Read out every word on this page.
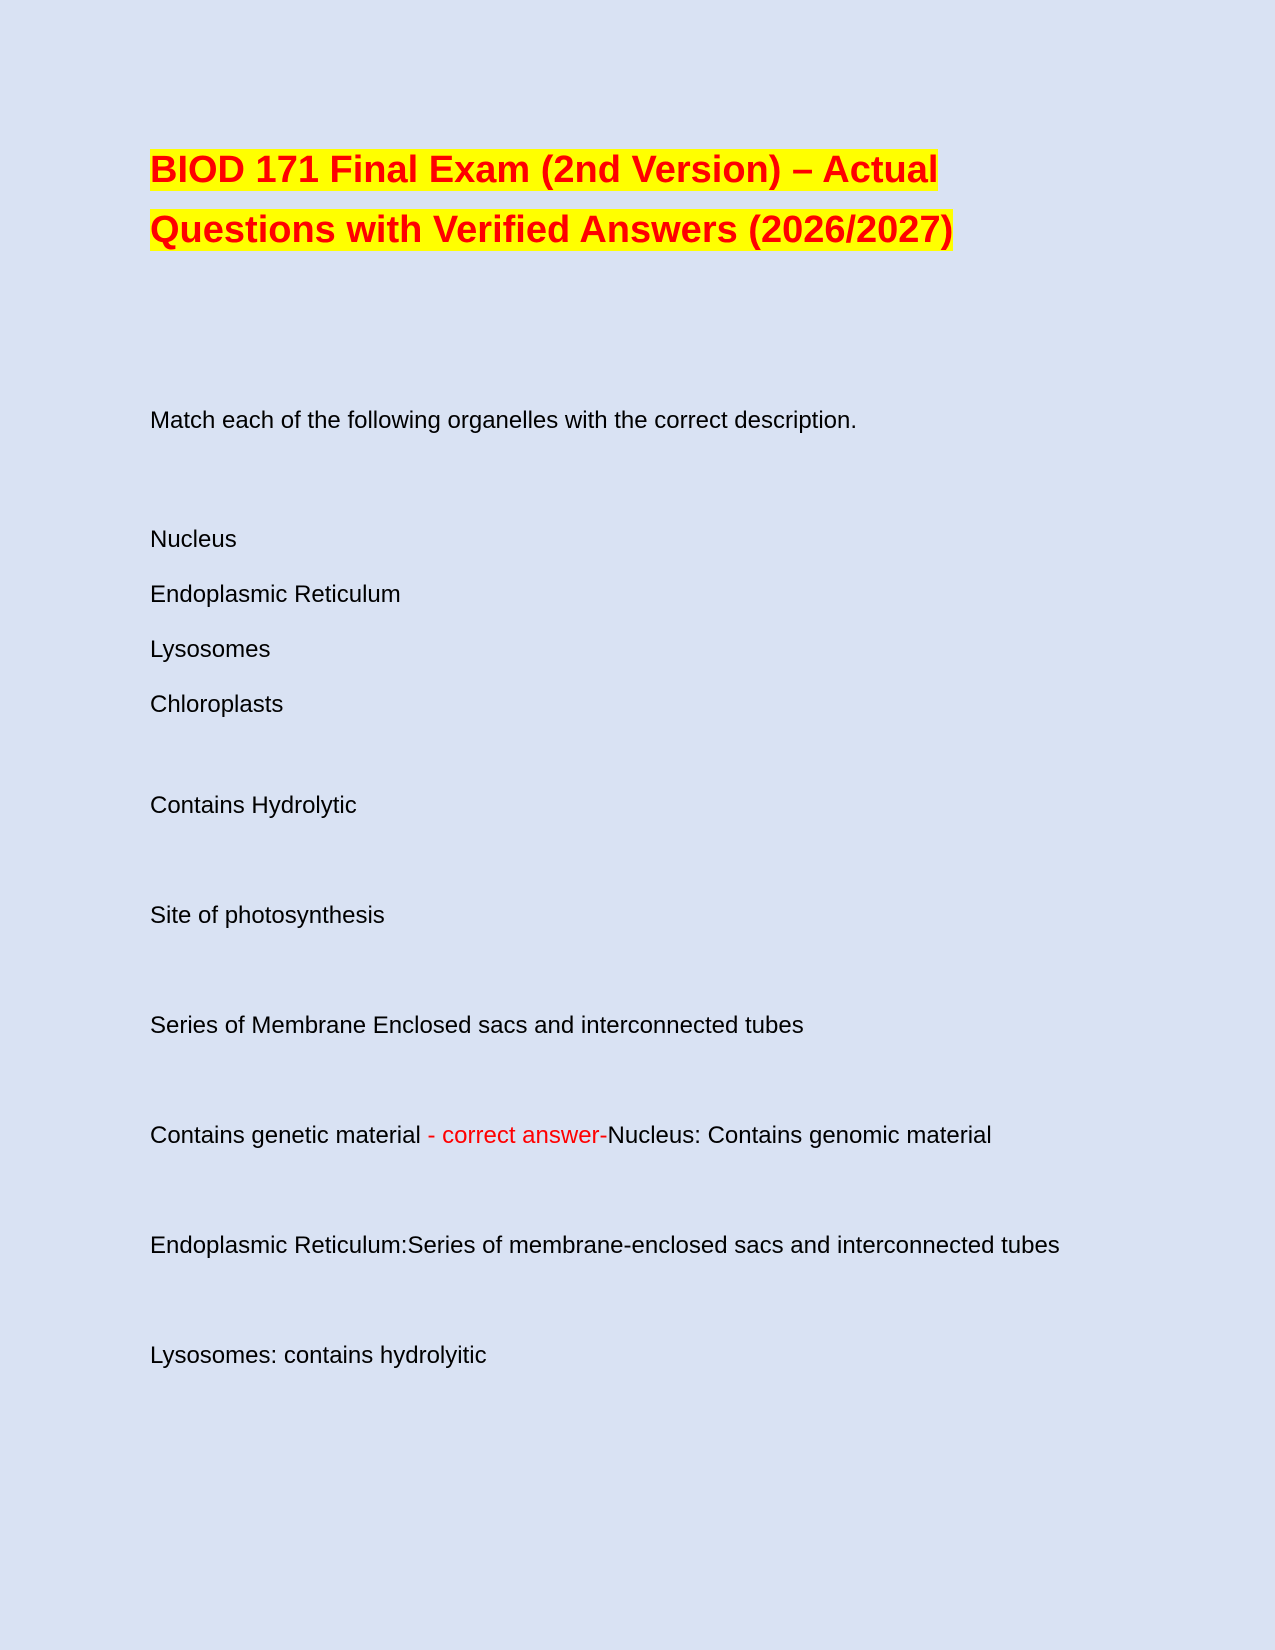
BIOD 171 Final Exam (2nd Version) – Actual Questions with Verified Answers (2026/2027)

Match each of the following organelles with the correct description.

Nucleus
Endoplasmic Reticulum
Lysosomes
Chloroplasts

Contains Hydrolytic

Site of photosynthesis

Series of Membrane Enclosed sacs and interconnected tubes

Contains genetic material - correct answer-Nucleus: Contains genomic material

Endoplasmic Reticulum:Series of membrane-enclosed sacs and interconnected tubes

Lysosomes: contains hydrolyitic
